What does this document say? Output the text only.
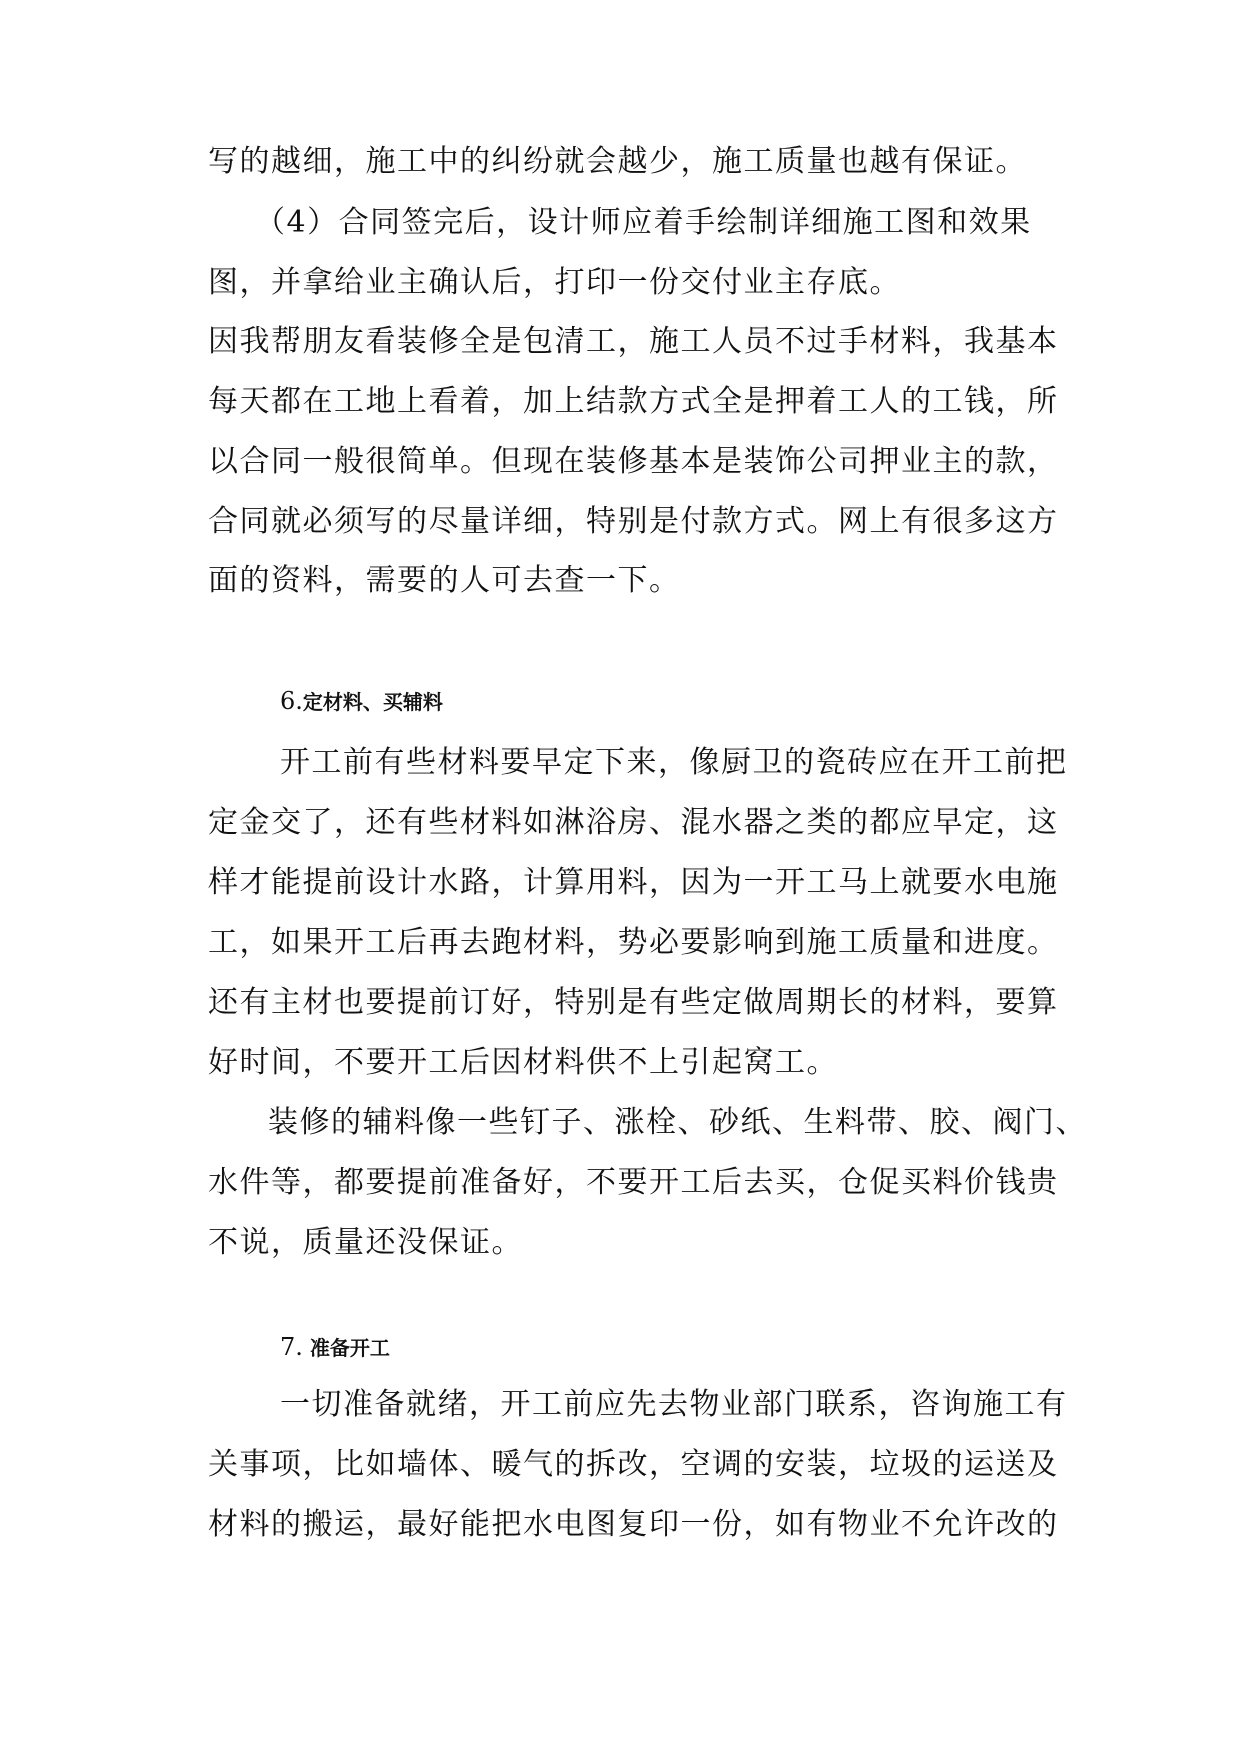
写的越细，施工中的纠纷就会越少，施工质量也越有保证。
（4）合同签完后，设计师应着手绘制详细施工图和效果
图，并拿给业主确认后，打印一份交付业主存底。
因我帮朋友看装修全是包清工，施工人员不过手材料，我基本
每天都在工地上看着，加上结款方式全是押着工人的工钱，所
以合同一般很简单。但现在装修基本是装饰公司押业主的款，
合同就必须写的尽量详细，特别是付款方式。网上有很多这方
面的资料，需要的人可去查一下。
6.定材料、买辅料
开工前有些材料要早定下来，像厨卫的瓷砖应在开工前把
定金交了，还有些材料如淋浴房、混水器之类的都应早定，这
样才能提前设计水路，计算用料，因为一开工马上就要水电施
工，如果开工后再去跑材料，势必要影响到施工质量和进度。
还有主材也要提前订好，特别是有些定做周期长的材料，要算
好时间，不要开工后因材料供不上引起窝工。
装修的辅料像一些钉子、涨栓、砂纸、生料带、胶、阀门、
水件等，都要提前准备好，不要开工后去买，仓促买料价钱贵
不说，质量还没保证。
7. 准备开工
一切准备就绪，开工前应先去物业部门联系，咨询施工有
关事项，比如墙体、暖气的拆改，空调的安装，垃圾的运送及
材料的搬运，最好能把水电图复印一份，如有物业不允许改的
